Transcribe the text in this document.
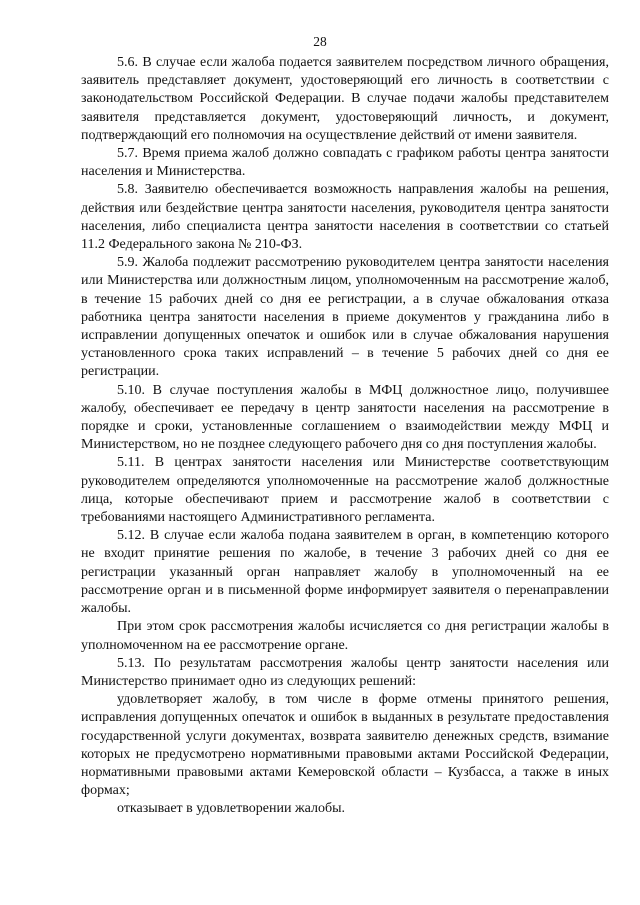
28

5.6. В случае если жалоба подается заявителем посредством личного обращения, заявитель представляет документ, удостоверяющий его личность в соответствии с законодательством Российской Федерации. В случае подачи жалобы представителем заявителя представляется документ, удостоверяющий личность, и документ, подтверждающий его полномочия на осуществление действий от имени заявителя.

5.7. Время приема жалоб должно совпадать с графиком работы центра занятости населения и Министерства.

5.8. Заявителю обеспечивается возможность направления жалобы на решения, действия или бездействие центра занятости населения, руководителя центра занятости населения, либо специалиста центра занятости населения в соответствии со статьей 11.2 Федерального закона № 210-ФЗ.

5.9. Жалоба подлежит рассмотрению руководителем центра занятости населения или Министерства или должностным лицом, уполномоченным на рассмотрение жалоб, в течение 15 рабочих дней со дня ее регистрации, а в случае обжалования отказа работника центра занятости населения в приеме документов у гражданина либо в исправлении допущенных опечаток и ошибок или в случае обжалования нарушения установленного срока таких исправлений – в течение 5 рабочих дней со дня ее регистрации.

5.10. В случае поступления жалобы в МФЦ должностное лицо, получившее жалобу, обеспечивает ее передачу в центр занятости населения на рассмотрение в порядке и сроки, установленные соглашением о взаимодействии между МФЦ и Министерством, но не позднее следующего рабочего дня со дня поступления жалобы.

5.11. В центрах занятости населения или Министерстве соответствующим руководителем определяются уполномоченные на рассмотрение жалоб должностные лица, которые обеспечивают прием и рассмотрение жалоб в соответствии с требованиями настоящего Административного регламента.

5.12. В случае если жалоба подана заявителем в орган, в компетенцию которого не входит принятие решения по жалобе, в течение 3 рабочих дней со дня ее регистрации указанный орган направляет жалобу в уполномоченный на ее рассмотрение орган и в письменной форме информирует заявителя о перенаправлении жалобы.

При этом срок рассмотрения жалобы исчисляется со дня регистрации жалобы в уполномоченном на ее рассмотрение органе.

5.13. По результатам рассмотрения жалобы центр занятости населения или Министерство принимает одно из следующих решений:

удовлетворяет жалобу, в том числе в форме отмены принятого решения, исправления допущенных опечаток и ошибок в выданных в результате предоставления государственной услуги документах, возврата заявителю денежных средств, взимание которых не предусмотрено нормативными правовыми актами Российской Федерации, нормативными правовыми актами Кемеровской области – Кузбасса, а также в иных формах;

отказывает в удовлетворении жалобы.
